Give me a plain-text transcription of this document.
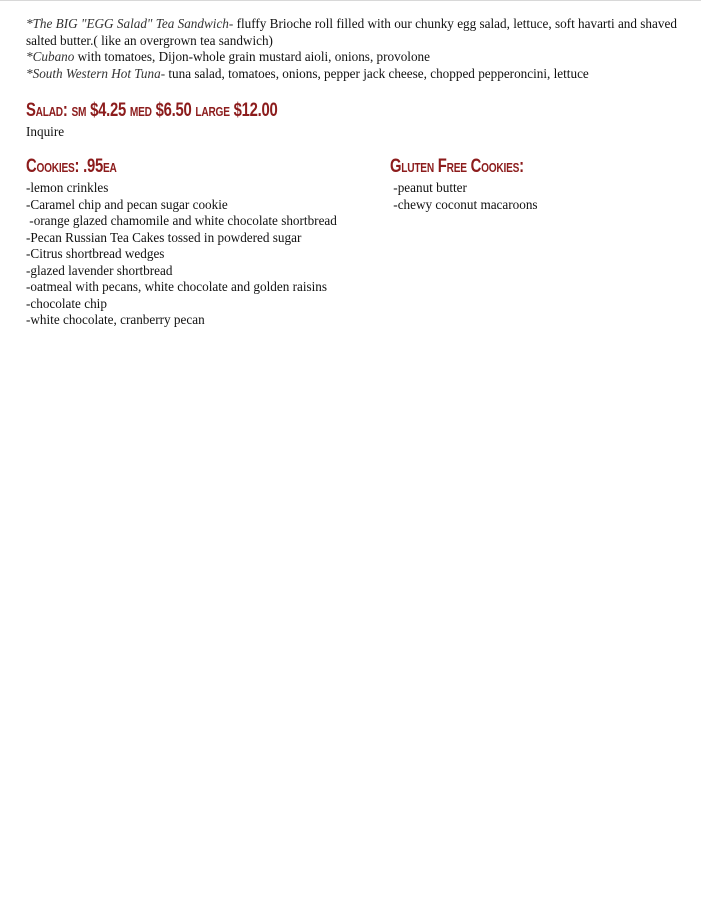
*The BIG "EGG Salad" Tea Sandwich- fluffy Brioche roll filled with our chunky egg salad, lettuce, soft havarti and shaved salted butter.( like an overgrown tea sandwich)

*Cubano with tomatoes, Dijon-whole grain mustard aioli, onions, provolone

*South Western Hot Tuna- tuna salad, tomatoes, onions, pepper jack cheese, chopped pepperoncini, lettuce

Salad: sm $4.25 med $6.50 large $12.00

Inquire

Cookies: .95ea
-lemon crinkles
-Caramel chip and pecan sugar cookie
-orange glazed chamomile and white chocolate shortbread
-Pecan Russian Tea Cakes tossed in powdered sugar
-Citrus shortbread wedges
-glazed lavender shortbread
-oatmeal with pecans, white chocolate and golden raisins
-chocolate chip
-white chocolate, cranberry pecan
Gluten Free Cookies:
-peanut butter
-chewy coconut macaroons
